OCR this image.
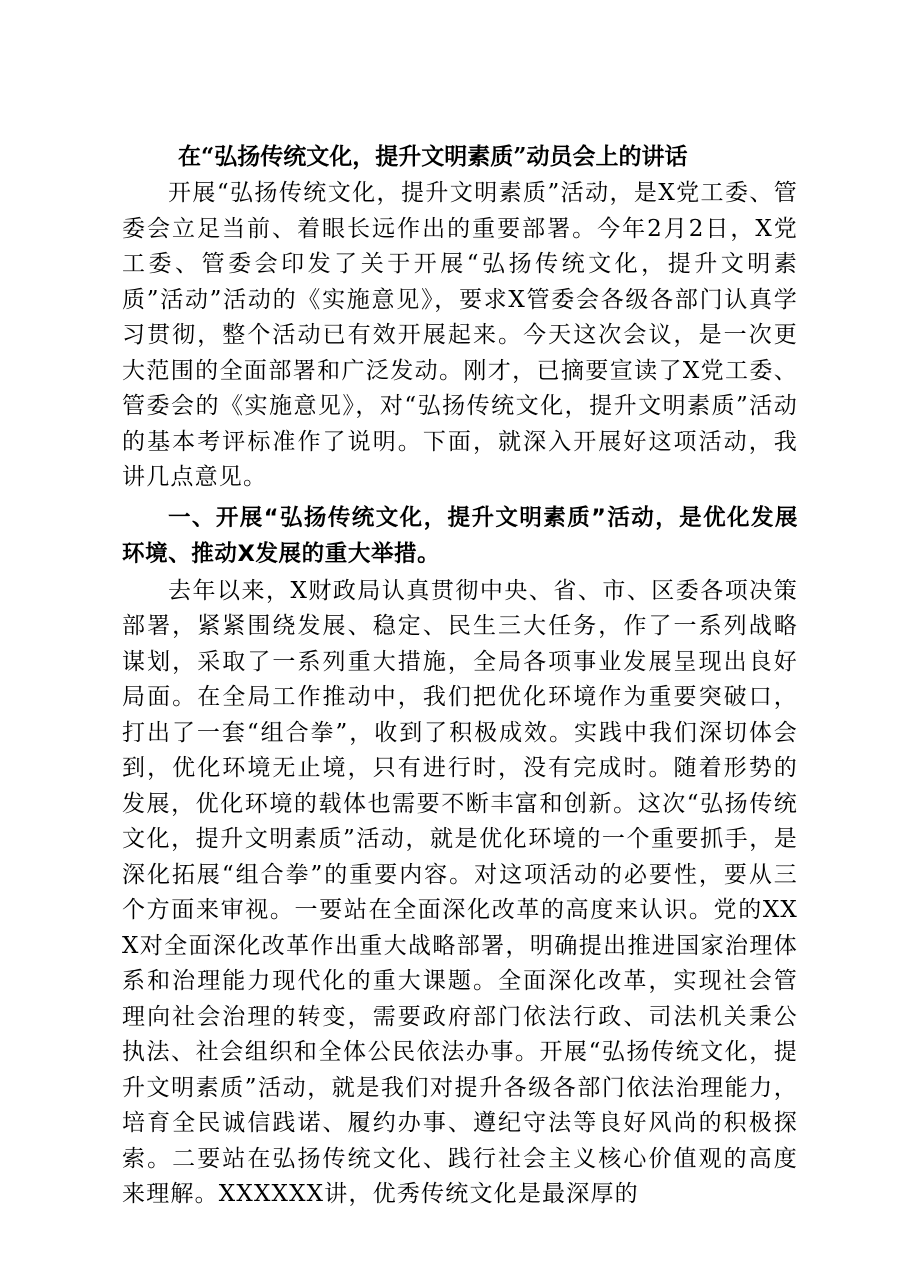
在“弘扬传统文化，提升文明素质”动员会上的讲话

开展“弘扬传统文化，提升文明素质”活动，是X党工委、管委会立足当前、着眼长远作出的重要部署。今年2月2日，X党工委、管委会印发了关于开展“弘扬传统文化，提升文明素质”活动”活动的《实施意见》，要求X管委会各级各部门认真学习贯彻，整个活动已有效开展起来。今天这次会议，是一次更大范围的全面部署和广泛发动。刚才，已摘要宣读了X党工委、管委会的《实施意见》，对“弘扬传统文化，提升文明素质”活动的基本考评标准作了说明。下面，就深入开展好这项活动，我讲几点意见。

一、开展“弘扬传统文化，提升文明素质”活动，是优化发展环境、推动X发展的重大举措。

去年以来，X财政局认真贯彻中央、省、市、区委各项决策部署，紧紧围绕发展、稳定、民生三大任务，作了一系列战略谋划，采取了一系列重大措施，全局各项事业发展呈现出良好局面。在全局工作推动中，我们把优化环境作为重要突破口，打出了一套“组合拳”，收到了积极成效。实践中我们深切体会到，优化环境无止境，只有进行时，没有完成时。随着形势的发展，优化环境的载体也需要不断丰富和创新。这次“弘扬传统文化，提升文明素质”活动，就是优化环境的一个重要抓手，是深化拓展“组合拳”的重要内容。对这项活动的必要性，要从三个方面来审视。一要站在全面深化改革的高度来认识。党的XXX对全面深化改革作出重大战略部署，明确提出推进国家治理体系和治理能力现代化的重大课题。全面深化改革，实现社会管理向社会治理的转变，需要政府部门依法行政、司法机关秉公执法、社会组织和全体公民依法办事。开展“弘扬传统文化，提升文明素质”活动，就是我们对提升各级各部门依法治理能力，培育全民诚信践诺、履约办事、遵纪守法等良好风尚的积极探索。二要站在弘扬传统文化、践行社会主义核心价值观的高度来理解。XXXXXX讲，优秀传统文化是最深厚的
